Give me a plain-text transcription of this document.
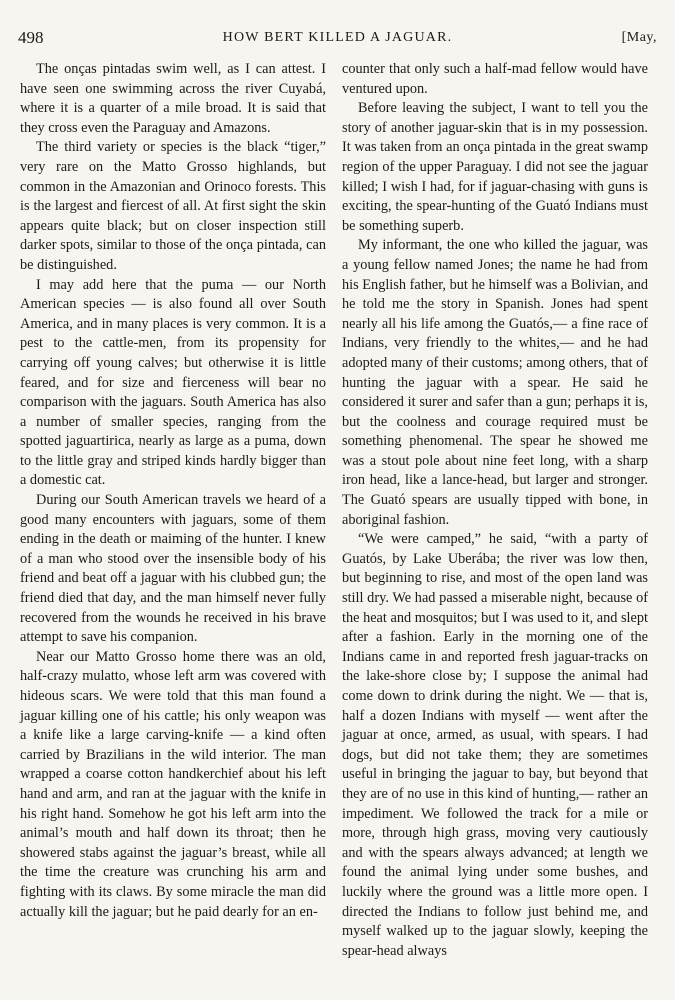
498	HOW BERT KILLED A JAGUAR.	[May,

The onças pintadas swim well, as I can attest. I have seen one swimming across the river Cuyabá, where it is a quarter of a mile broad. It is said that they cross even the Paraguay and Amazons.

The third variety or species is the black “tiger,” very rare on the Matto Grosso highlands, but common in the Amazonian and Orinoco forests. This is the largest and fiercest of all. At first sight the skin appears quite black; but on closer inspection still darker spots, similar to those of the onça pintada, can be distinguished.

I may add here that the puma — our North American species — is also found all over South America, and in many places is very common. It is a pest to the cattle-men, from its propensity for carrying off young calves; but otherwise it is little feared, and for size and fierceness will bear no comparison with the jaguars. South America has also a number of smaller species, ranging from the spotted jaguartirica, nearly as large as a puma, down to the little gray and striped kinds hardly bigger than a domestic cat.

During our South American travels we heard of a good many encounters with jaguars, some of them ending in the death or maiming of the hunter. I knew of a man who stood over the insensible body of his friend and beat off a jaguar with his clubbed gun; the friend died that day, and the man himself never fully recovered from the wounds he received in his brave attempt to save his companion.

Near our Matto Grosso home there was an old, half-crazy mulatto, whose left arm was covered with hideous scars. We were told that this man found a jaguar killing one of his cattle; his only weapon was a knife like a large carving-knife — a kind often carried by Brazilians in the wild interior. The man wrapped a coarse cotton handkerchief about his left hand and arm, and ran at the jaguar with the knife in his right hand. Somehow he got his left arm into the animal’s mouth and half down its throat; then he showered stabs against the jaguar’s breast, while all the time the creature was crunching his arm and fighting with its claws. By some miracle the man did actually kill the jaguar; but he paid dearly for an en-

counter that only such a half-mad fellow would have ventured upon.

Before leaving the subject, I want to tell you the story of another jaguar-skin that is in my possession. It was taken from an onça pintada in the great swamp region of the upper Paraguay. I did not see the jaguar killed; I wish I had, for if jaguar-chasing with guns is exciting, the spear-hunting of the Guató Indians must be something superb.

My informant, the one who killed the jaguar, was a young fellow named Jones; the name he had from his English father, but he himself was a Bolivian, and he told me the story in Spanish. Jones had spent nearly all his life among the Guatós,— a fine race of Indians, very friendly to the whites,— and he had adopted many of their customs; among others, that of hunting the jaguar with a spear. He said he considered it surer and safer than a gun; perhaps it is, but the coolness and courage required must be something phenomenal. The spear he showed me was a stout pole about nine feet long, with a sharp iron head, like a lance-head, but larger and stronger. The Guató spears are usually tipped with bone, in aboriginal fashion.

“We were camped,” he said, “with a party of Guatós, by Lake Uberába; the river was low then, but beginning to rise, and most of the open land was still dry. We had passed a miserable night, because of the heat and mosquitos; but I was used to it, and slept after a fashion. Early in the morning one of the Indians came in and reported fresh jaguar-tracks on the lake-shore close by; I suppose the animal had come down to drink during the night. We — that is, half a dozen Indians with myself — went after the jaguar at once, armed, as usual, with spears. I had dogs, but did not take them; they are sometimes useful in bringing the jaguar to bay, but beyond that they are of no use in this kind of hunting,— rather an impediment. We followed the track for a mile or more, through high grass, moving very cautiously and with the spears always advanced; at length we found the animal lying under some bushes, and luckily where the ground was a little more open. I directed the Indians to follow just behind me, and myself walked up to the jaguar slowly, keeping the spear-head always
